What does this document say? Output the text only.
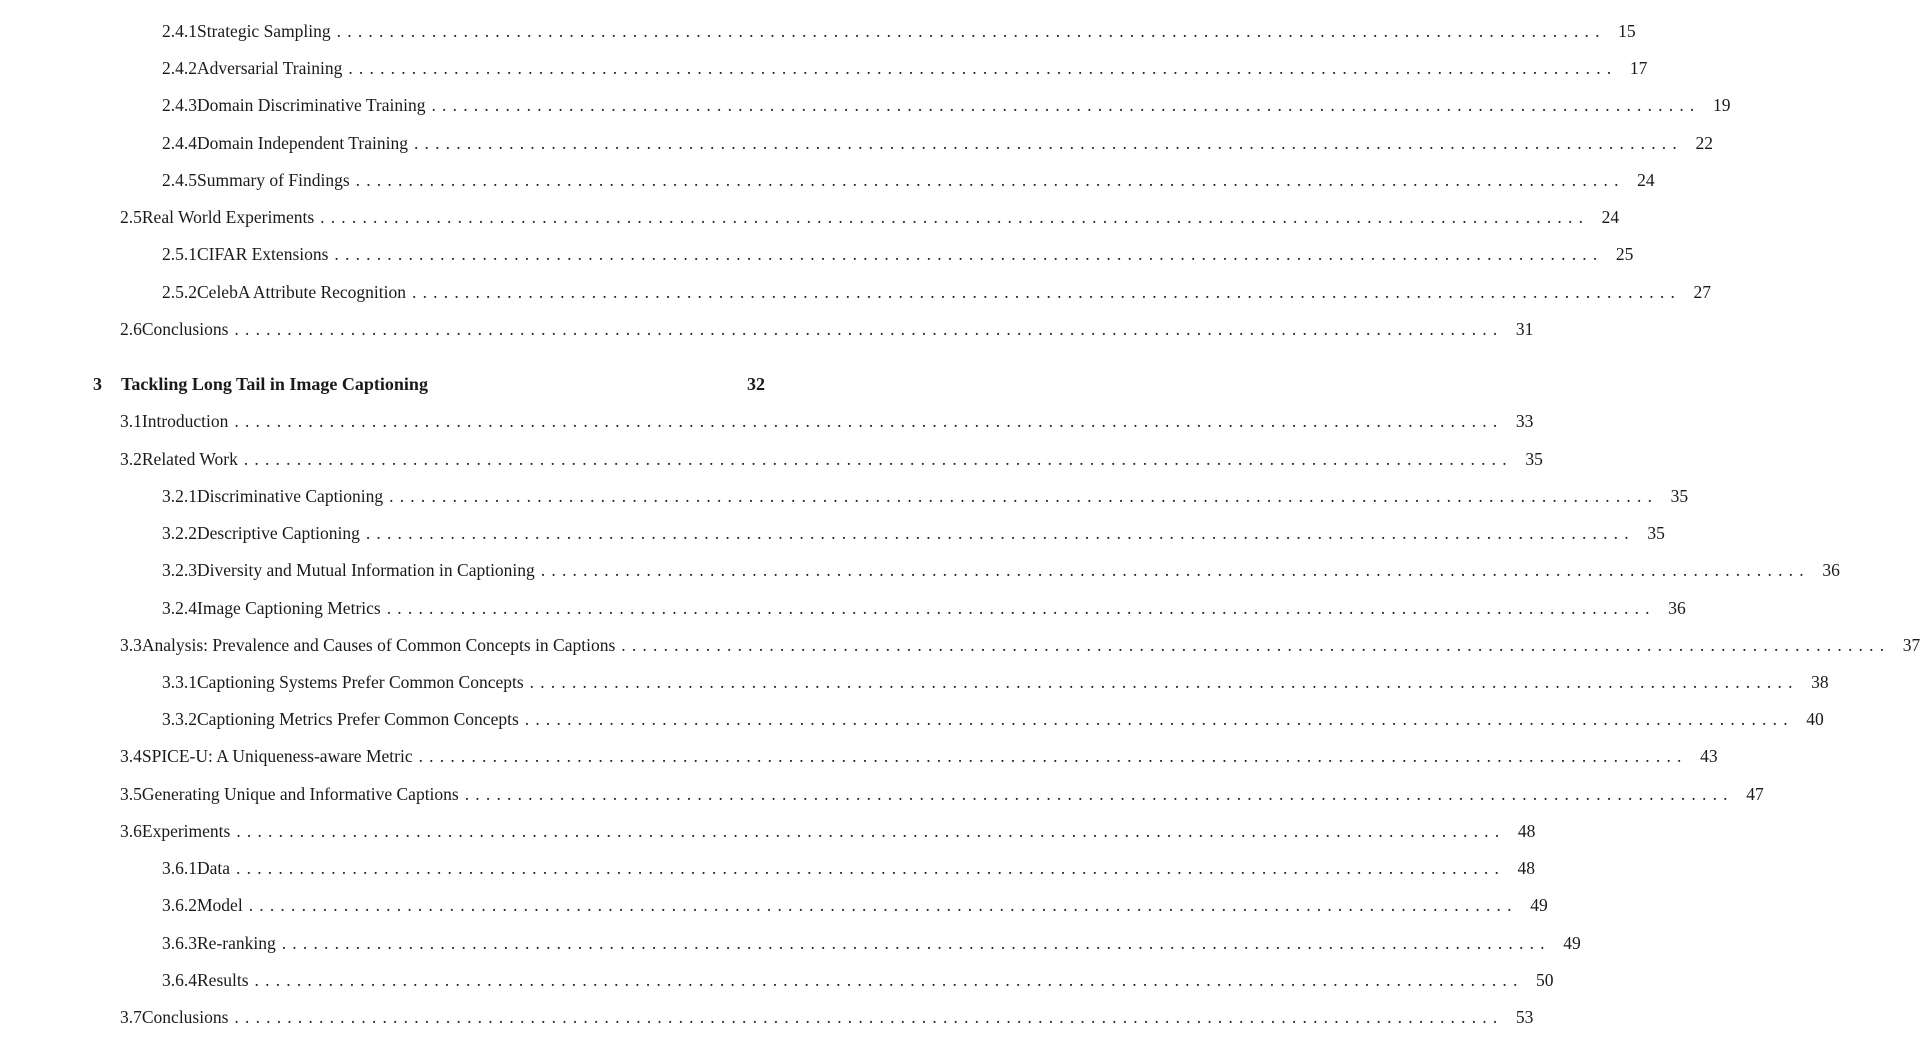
2.4.1 Strategic Sampling ........................................................................................................................ 15
2.4.2 Adversarial Training ........................................................................................................................ 17
2.4.3 Domain Discriminative Training ........................................................................................................................ 19
2.4.4 Domain Independent Training ........................................................................................................................ 22
2.4.5 Summary of Findings ........................................................................................................................ 24
2.5 Real World Experiments ........................................................................................................................ 24
2.5.1 CIFAR Extensions ........................................................................................................................ 25
2.5.2 CelebA Attribute Recognition ........................................................................................................................ 27
2.6 Conclusions ........................................................................................................................ 31
3	Tackling Long Tail in Image Captioning	32
3.1 Introduction ........................................................................................................................ 33
3.2 Related Work ........................................................................................................................ 35
3.2.1 Discriminative Captioning ........................................................................................................................ 35
3.2.2 Descriptive Captioning ........................................................................................................................ 35
3.2.3 Diversity and Mutual Information in Captioning ........................................................................................................................ 36
3.2.4 Image Captioning Metrics ........................................................................................................................ 36
3.3 Analysis: Prevalence and Causes of Common Concepts in Captions ........................................................................................................................ 37
3.3.1 Captioning Systems Prefer Common Concepts ........................................................................................................................ 38
3.3.2 Captioning Metrics Prefer Common Concepts ........................................................................................................................ 40
3.4 SPICE-U: A Uniqueness-aware Metric ........................................................................................................................ 43
3.5 Generating Unique and Informative Captions ........................................................................................................................ 47
3.6 Experiments ........................................................................................................................ 48
3.6.1 Data ........................................................................................................................ 48
3.6.2 Model ........................................................................................................................ 49
3.6.3 Re-ranking ........................................................................................................................ 49
3.6.4 Results ........................................................................................................................ 50
3.7 Conclusions ........................................................................................................................ 53
